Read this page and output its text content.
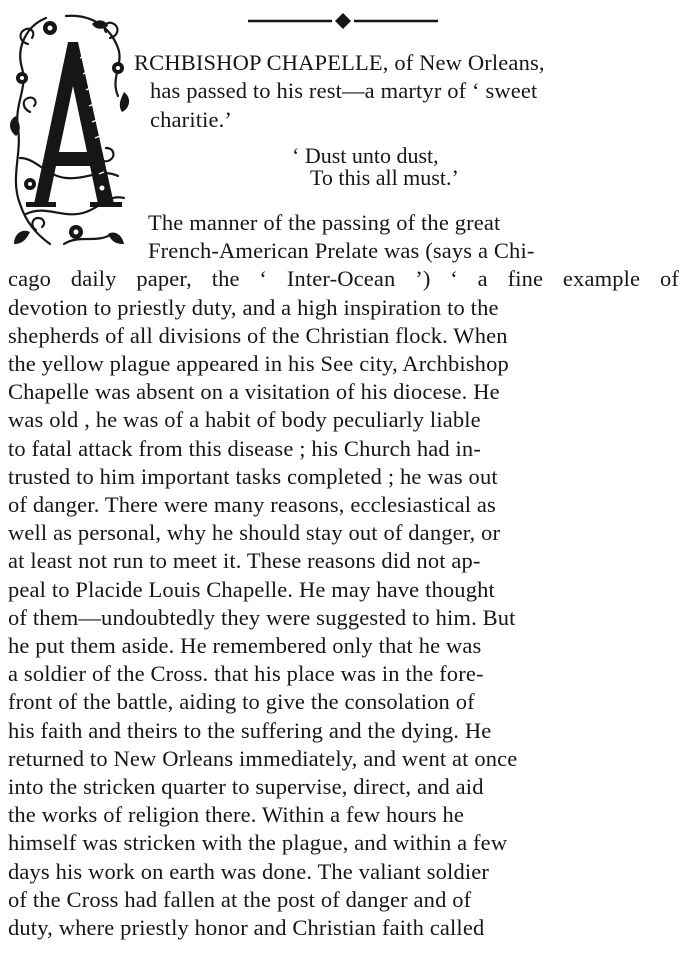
RCHBISHOP CHAPELLE, of New Orleans,
has passed to his rest—a martyr of ‘ sweet
charitie.’
‘ Dust unto dust,
To this all must.’
The manner of the passing of the great
French-American Prelate was (says a Chi-
cago daily paper, the ‘ Inter-Ocean ’) ‘ a fine example of
devotion to priestly duty, and a high inspiration to the
shepherds of all divisions of the Christian flock. When
the yellow plague appeared in his See city, Archbishop
Chapelle was absent on a visitation of his diocese. He
was old , he was of a habit of body peculiarly liable
to fatal attack from this disease ; his Church had in-
trusted to him important tasks completed ; he was out
of danger. There were many reasons, ecclesiastical as
well as personal, why he should stay out of danger, or
at least not run to meet it. These reasons did not ap-
peal to Placide Louis Chapelle. He may have thought
of them—undoubtedly they were suggested to him. But
he put them aside. He remembered only that he was
a soldier of the Cross. that his place was in the fore-
front of the battle, aiding to give the consolation of
his faith and theirs to the suffering and the dying. He
returned to New Orleans immediately, and went at once
into the stricken quarter to supervise, direct, and aid
the works of religion there. Within a few hours he
himself was stricken with the plague, and within a few
days his work on earth was done. The valiant soldier
of the Cross had fallen at the post of danger and of
duty, where priestly honor and Christian faith called
